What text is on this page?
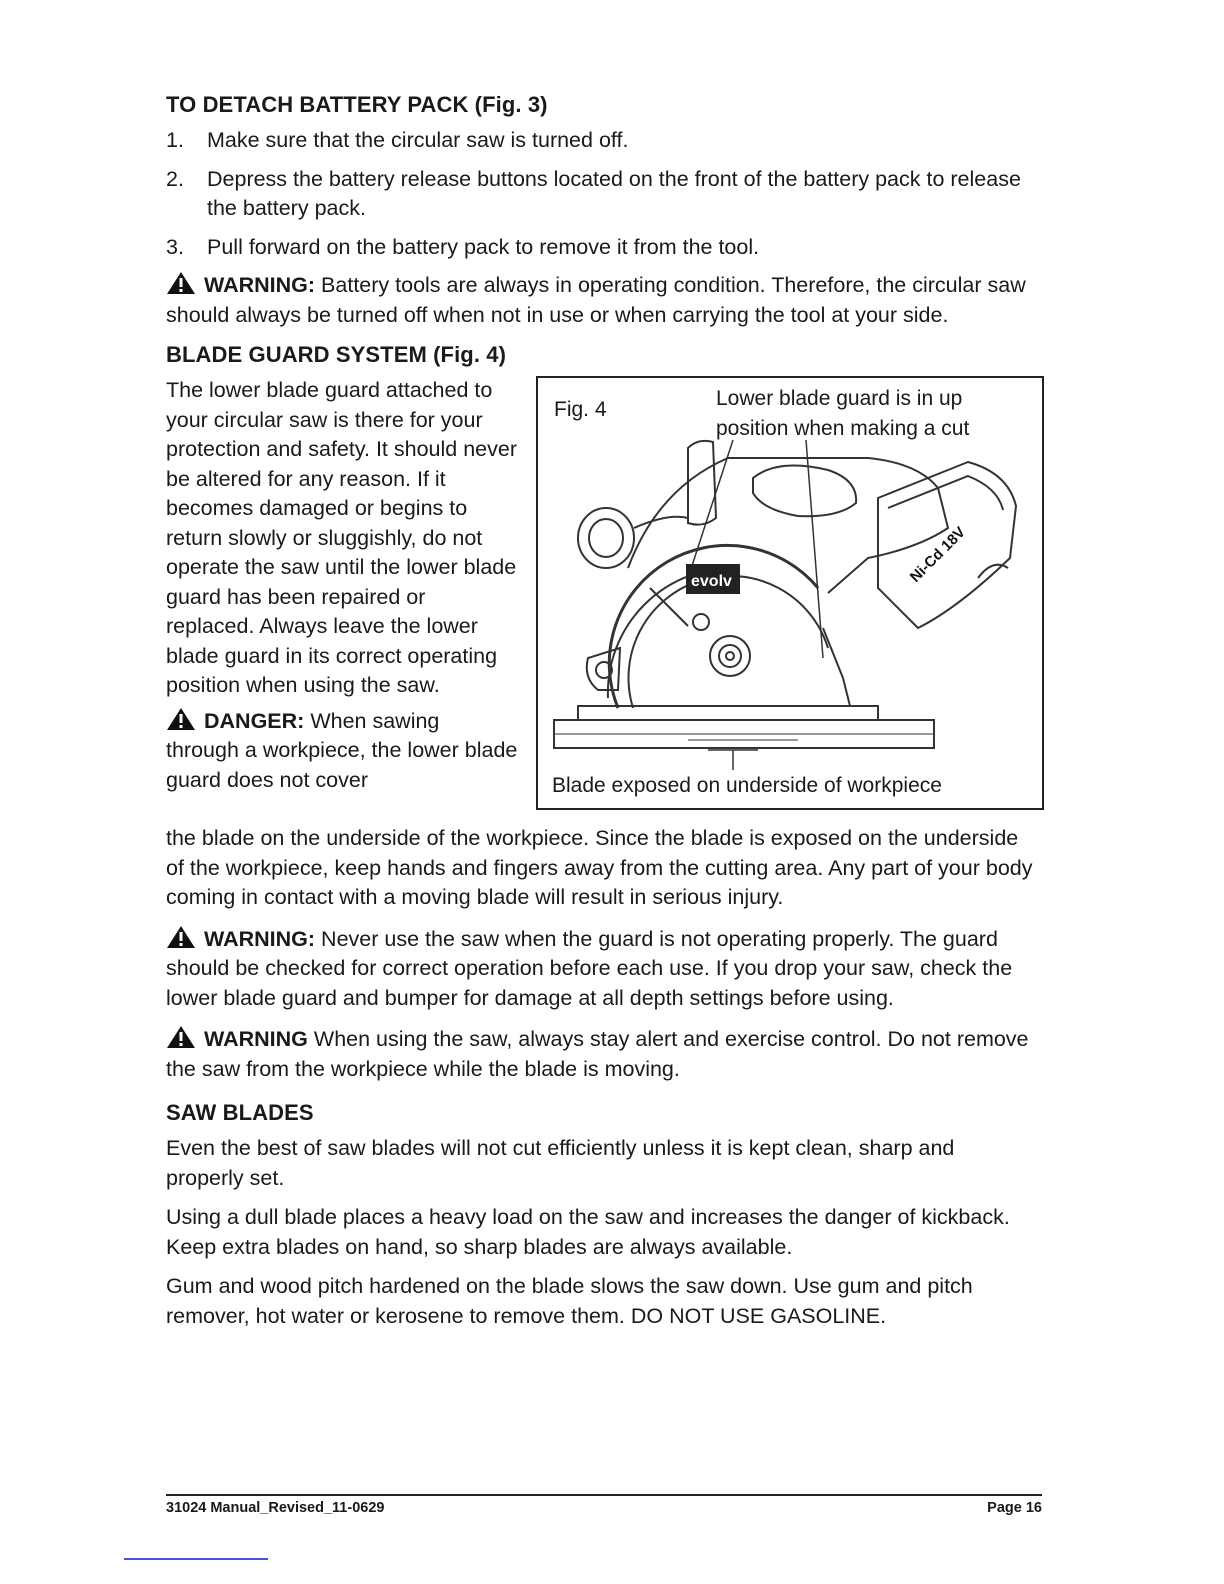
TO DETACH BATTERY PACK (Fig. 3)
1. Make sure that the circular saw is turned off.
2. Depress the battery release buttons located on the front of the battery pack to release the battery pack.
3. Pull forward on the battery pack to remove it from the tool.

WARNING: Battery tools are always in operating condition. Therefore, the circular saw should always be turned off when not in use or when carrying the tool at your side.

BLADE GUARD SYSTEM (Fig. 4)

The lower blade guard attached to your circular saw is there for your protection and safety. It should never be altered for any reason. If it becomes damaged or begins to return slowly or sluggishly, do not operate the saw until the lower blade guard has been repaired or replaced. Always leave the lower blade guard in its correct operating position when using the saw.

DANGER: When sawing through a workpiece, the lower blade guard does not cover

evolv	Ni-Cd 18V
Fig. 4	Lower blade guard is in up position when making a cut
Blade exposed on underside of workpiece

the blade on the underside of the workpiece. Since the blade is exposed on the underside of the workpiece, keep hands and fingers away from the cutting area. Any part of your body coming in contact with a moving blade will result in serious injury.

WARNING: Never use the saw when the guard is not operating properly. The guard should be checked for correct operation before each use. If you drop your saw, check the lower blade guard and bumper for damage at all depth settings before using.

WARNING When using the saw, always stay alert and exercise control. Do not remove the saw from the workpiece while the blade is moving.

SAW BLADES

Even the best of saw blades will not cut efficiently unless it is kept clean, sharp and properly set.

Using a dull blade places a heavy load on the saw and increases the danger of kickback. Keep extra blades on hand, so sharp blades are always available.

Gum and wood pitch hardened on the blade slows the saw down. Use gum and pitch remover, hot water or kerosene to remove them. DO NOT USE GASOLINE.

31024 Manual_Revised_11-0629	Page 16
